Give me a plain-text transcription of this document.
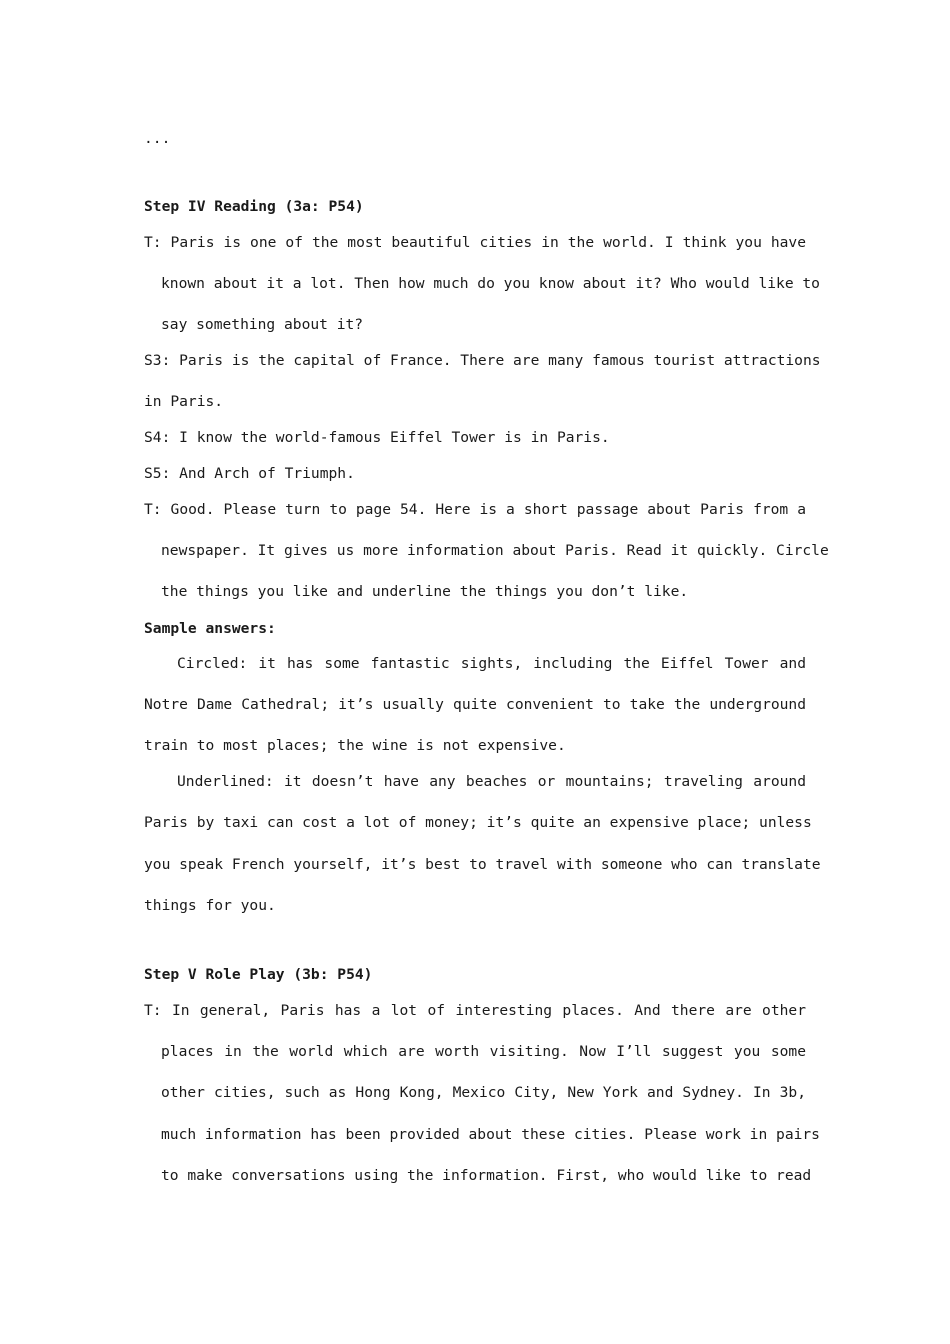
...
Step IV Reading (3a: P54)
T: Paris is one of the most beautiful cities in the world. I think you have
known about it a lot. Then how much do you know about it? Who would like to
say something about it?
S3: Paris is the capital of France. There are many famous tourist attractions
in Paris.
S4: I know the world-famous Eiffel Tower is in Paris.
S5: And Arch of Triumph.
T: Good. Please turn to page 54. Here is a short passage about Paris from a
newspaper. It gives us more information about Paris. Read it quickly. Circle
the things you like and underline the things you don’t like.
Sample answers:
Circled: it has some fantastic sights, including the Eiffel Tower and
Notre Dame Cathedral; it’s usually quite convenient to take the underground
train to most places; the wine is not expensive.
Underlined: it doesn’t have any beaches or mountains; traveling around
Paris by taxi can cost a lot of money; it’s quite an expensive place; unless
you speak French yourself, it’s best to travel with someone who can translate
things for you.
Step V Role Play (3b: P54)
T: In general, Paris has a lot of interesting places. And there are other
places in the world which are worth visiting. Now I’ll suggest you some
other cities, such as Hong Kong, Mexico City, New York and Sydney. In 3b,
much information has been provided about these cities. Please work in pairs
to make conversations using the information. First, who would like to read
